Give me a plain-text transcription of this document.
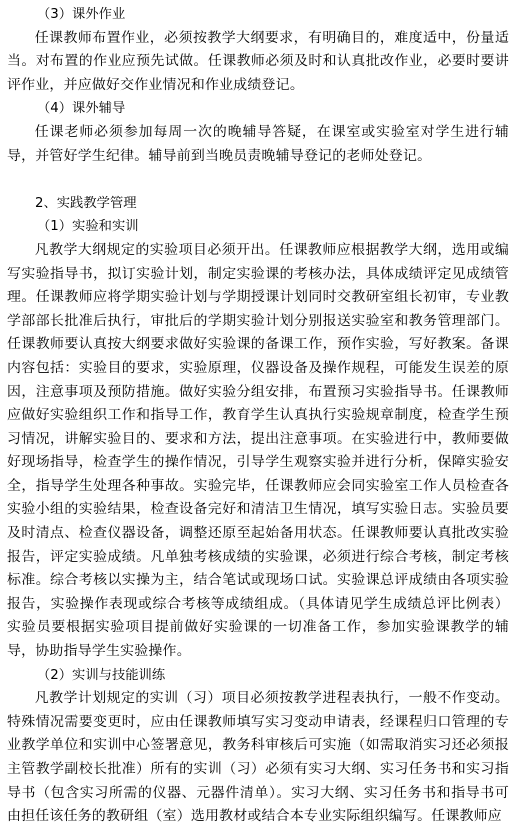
（3）课外作业

任课教师布置作业，必须按教学大纲要求，有明确目的，难度适中，份量适当。对布置的作业应预先试做。任课教师必须及时和认真批改作业，必要时要讲评作业，并应做好交作业情况和作业成绩登记。

（4）课外辅导

任课老师必须参加每周一次的晚辅导答疑，在课室或实验室对学生进行辅导，并管好学生纪律。辅导前到当晚员责晚辅导登记的老师处登记。

2、实践教学管理
（1）实验和实训

凡教学大纲规定的实验项目必须开出。任课教师应根据教学大纲，选用或编写实验指导书，拟订实验计划，制定实验课的考核办法，具体成绩评定见成绩管理。任课教师应将学期实验计划与学期授课计划同时交教研室组长初审，专业教学部部长批准后执行，审批后的学期实验计划分别报送实验室和教务管理部门。任课教师要认真按大纲要求做好实验课的备课工作，预作实验，写好教案。备课内容包括：实验目的要求，实验原理，仪器设备及操作规程，可能发生误差的原因，注意事项及预防措施。做好实验分组安排，布置预习实验指导书。任课教师应做好实验组织工作和指导工作，教育学生认真执行实验规章制度，检查学生预习情况，讲解实验目的、要求和方法，提出注意事项。在实验进行中，教师要做好现场指导，检查学生的操作情况，引导学生观察实验并进行分析，保障实验安全，指导学生处理各种事故。实验完毕，任课教师应会同实验室工作人员检查各实验小组的实验结果，检查设备完好和清洁卫生情况，填写实验日志。实验员要及时清点、检查仪器设备，调整还原至起始备用状态。任课教师要认真批改实验报告，评定实验成绩。凡单独考核成绩的实验课，必须进行综合考核，制定考核标准。综合考核以实操为主，结合笔试或现场口试。实验课总评成绩由各项实验报告，实验操作表现或综合考核等成绩组成。（具体请见学生成绩总评比例表）实验员要根据实验项目提前做好实验课的一切准备工作，参加实验课教学的辅导，协助指导学生实验操作。

（2）实训与技能训练

凡教学计划规定的实训（习）项目必须按教学进程表执行，一般不作变动。特殊情况需要变更时，应由任课教师填写实习变动申请表，经课程归口管理的专业教学单位和实训中心签署意见，教务科审核后可实施（如需取消实习还必须报主管教学副校长批准）所有的实训（习）必须有实习大纲、实习任务书和实习指导书（包含实习所需的仪器、元器件清单）。实习大纲、实习任务书和指导书可由担任该任务的教研组（室）选用教材或结合本专业实际组织编写。任课教师应
